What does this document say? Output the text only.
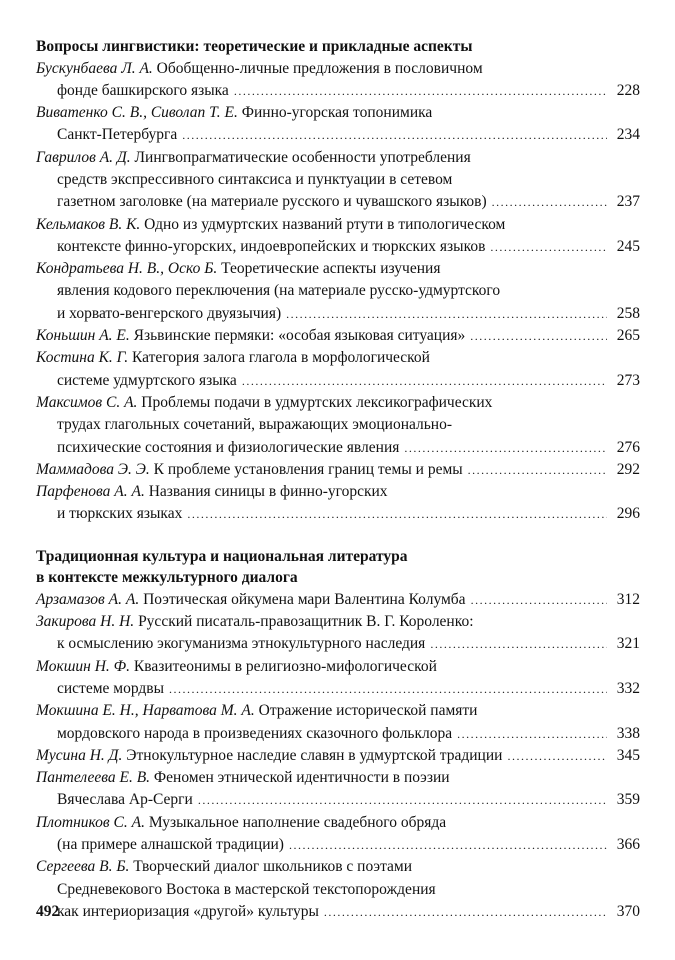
Вопросы лингвистики: теоретические и прикладные аспекты
Бускунбаева Л. А. Обобщенно-личные предложения в пословичном
фонде башкирского языка .....	228
Виватенко С. В., Сиволап Т. Е. Финно-угорская топонимика
Санкт-Петербурга .....	234
Гаврилов А. Д. Лингвопрагматические особенности употребления
средств экспрессивного синтаксиса и пунктуации в сетевом
газетном заголовке (на материале русского и чувашского языков) .....	237
Кельмаков В. К. Одно из удмуртских названий ртути в типологическом
контексте финно-угорских, индоевропейских и тюркских языков .....	245
Кондратьева Н. В., Оско Б. Теоретические аспекты изучения
явления кодового переключения (на материале русско-удмуртского
и хорвато-венгерского двуязычия) .....	258
Коньшин А. Е. Язьвинские пермяки: «особая языковая ситуация» .....	265
Костина К. Г. Категория залога глагола в морфологической
системе удмуртского языка .....	273
Максимов С. А. Проблемы подачи в удмуртских лексикографических
трудах глагольных сочетаний, выражающих эмоционально-
психические состояния и физиологические явления .....	276
Маммадова Э. Э. К проблеме установления границ темы и ремы .....	292
Парфенова А. А. Названия синицы в финно-угорских
и тюркских языках .....	296
Традиционная культура и национальная литература
в контексте межкультурного диалога
Арзамазов А. А. Поэтическая ойкумена мари Валентина Колумба .....	312
Закирова Н. Н. Русский писаталь-правозащитник В. Г. Короленко:
к осмыслению экогуманизма этнокультурного наследия .....	321
Мокшин Н. Ф. Квазитеонимы в религиозно-мифологической
системе мордвы .....	332
Мокшина Е. Н., Нарватова М. А. Отражение исторической памяти
мордовского народа в произведениях сказочного фольклора .....	338
Мусина Н. Д. Этнокультурное наследие славян в удмуртской традиции .....	345
Пантелеева Е. В. Феномен этнической идентичности в поэзии
Вячеслава Ар-Серги .....	359
Плотников С. А. Музыкальное наполнение свадебного обряда
(на примере алнашской традиции) .....	366
Сергеева В. Б. Творческий диалог школьников с поэтами
Средневекового Востока в мастерской текстопорождения
как интериоризация «другой» культуры .....	370
492
